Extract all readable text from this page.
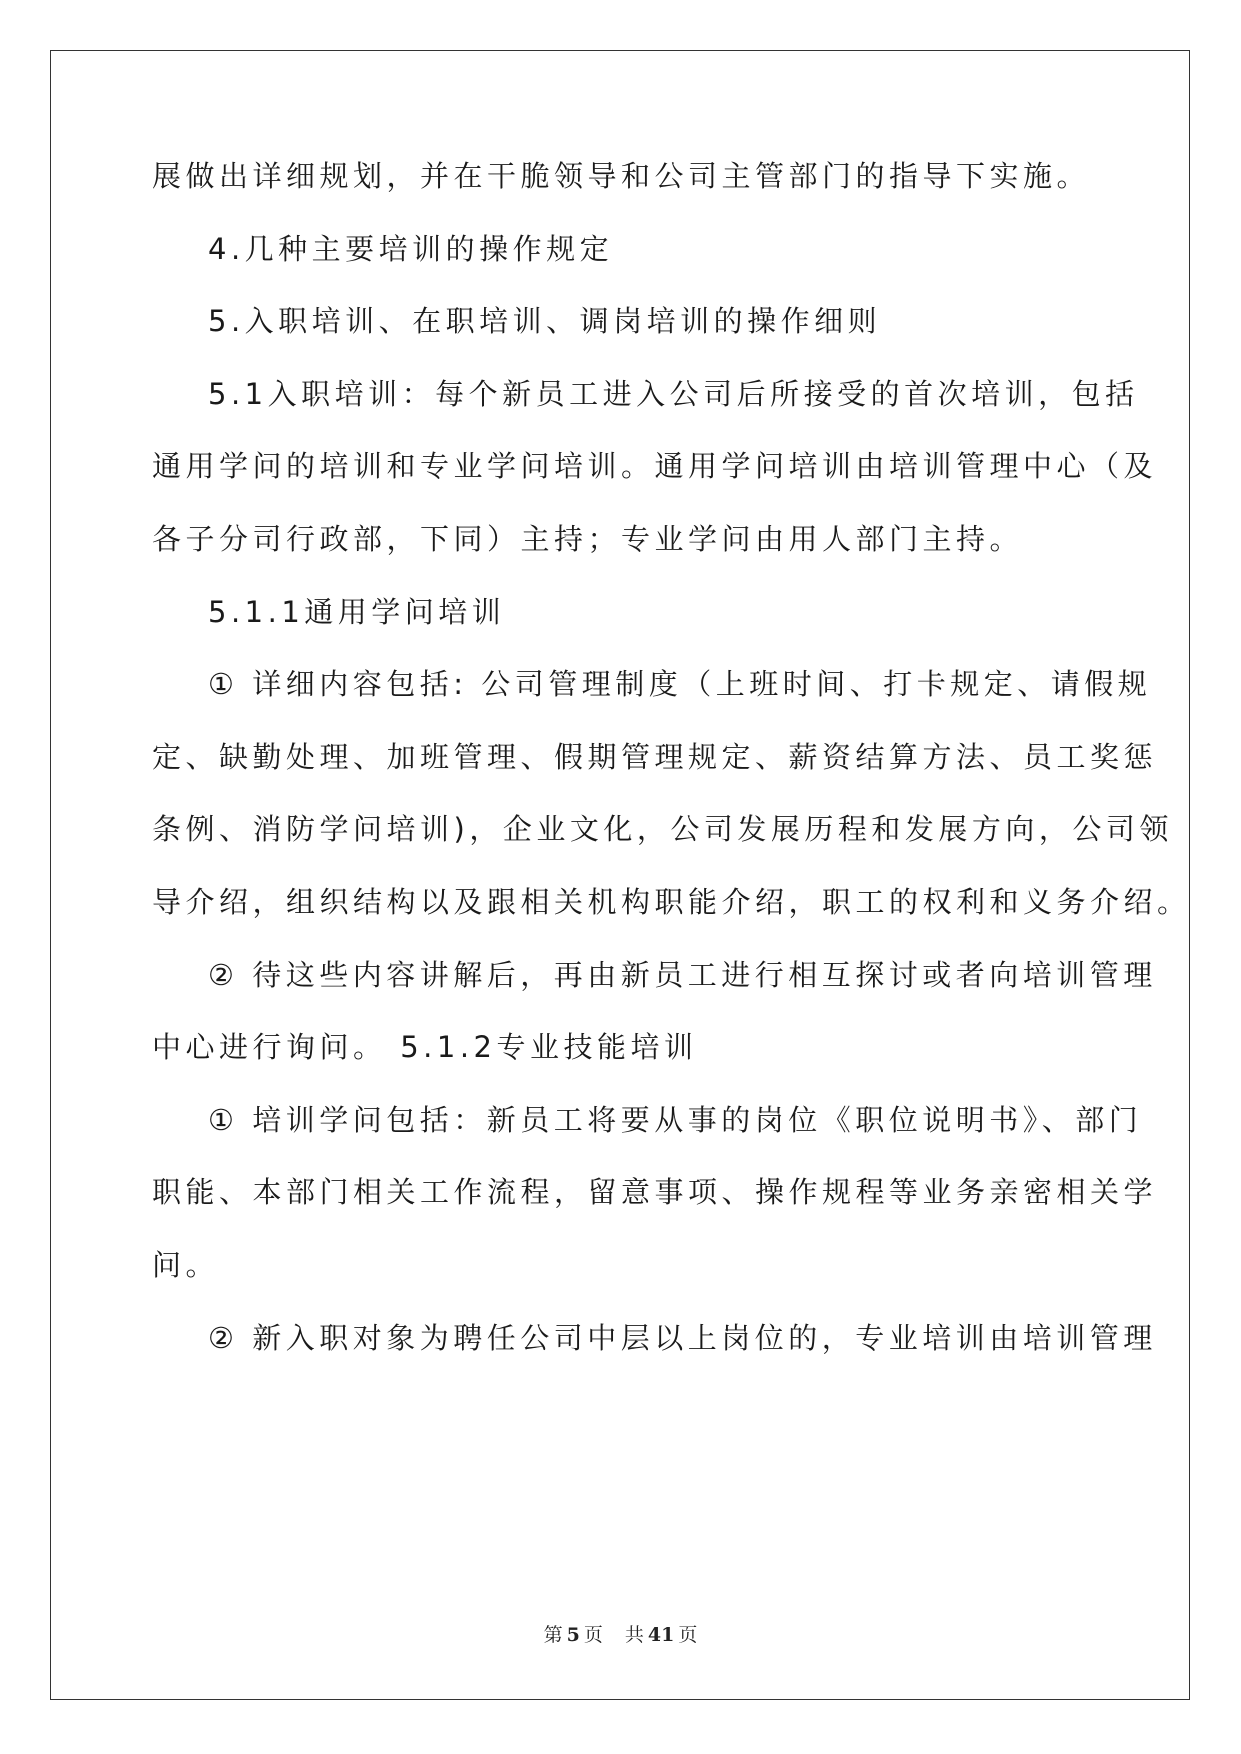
展做出详细规划，并在干脆领导和公司主管部门的指导下实施。

4.几种主要培训的操作规定

5.入职培训、在职培训、调岗培训的操作细则

5.1入职培训：每个新员工进入公司后所接受的首次培训，包括

通用学问的培训和专业学问培训。通用学问培训由培训管理中心（及

各子分司行政部，下同）主持；专业学问由用人部门主持。

5.1.1通用学问培训

① 详细内容包括: 公司管理制度（上班时间、打卡规定、请假规

定、缺勤处理、加班管理、假期管理规定、薪资结算方法、员工奖惩

条例、消防学问培训)，企业文化，公司发展历程和发展方向，公司领

导介绍，组织结构以及跟相关机构职能介绍，职工的权利和义务介绍。

② 待这些内容讲解后，再由新员工进行相互探讨或者向培训管理

中心进行询问。 5.1.2专业技能培训

① 培训学问包括：新员工将要从事的岗位《职位说明书》、部门

职能、本部门相关工作流程，留意事项、操作规程等业务亲密相关学

问。

② 新入职对象为聘任公司中层以上岗位的，专业培训由培训管理

第 5 页 共 41 页
